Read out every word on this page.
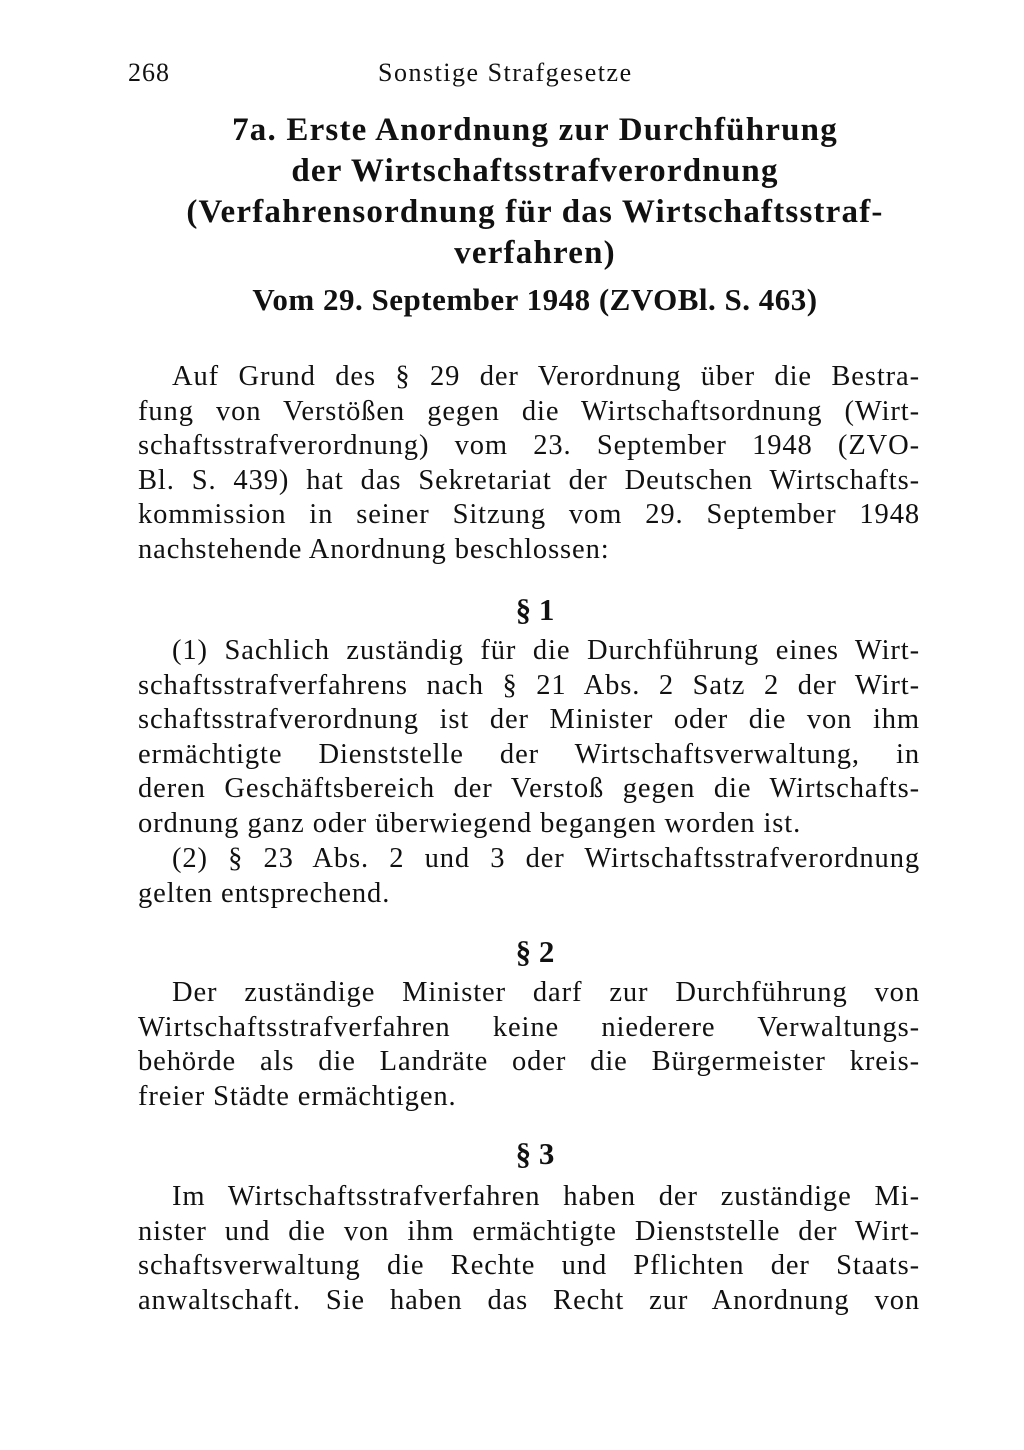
268	Sonstige Strafgesetze
7a. Erste Anordnung zur Durchführung
der Wirtschaftsstrafverordnung
(Verfahrensordnung für das Wirtschaftsstraf-
verfahren)
Vom 29. September 1948 (ZVOBl. S. 463)

Auf Grund des § 29 der Verordnung über die Bestra-
fung von Verstößen gegen die Wirtschaftsordnung (Wirt-
schaftsstrafverordnung) vom 23. September 1948 (ZVO-
Bl. S. 439) hat das Sekretariat der Deutschen Wirtschafts-
kommission in seiner Sitzung vom 29. September 1948
nachstehende Anordnung beschlossen:

§ 1

(1) Sachlich zuständig für die Durchführung eines Wirt-
schaftsstrafverfahrens nach § 21 Abs. 2 Satz 2 der Wirt-
schaftsstrafverordnung ist der Minister oder die von ihm
ermächtigte Dienststelle der Wirtschaftsverwaltung, in
deren Geschäftsbereich der Verstoß gegen die Wirtschafts-
ordnung ganz oder überwiegend begangen worden ist.

(2) § 23 Abs. 2 und 3 der Wirtschaftsstrafverordnung
gelten entsprechend.

§ 2

Der zuständige Minister darf zur Durchführung von
Wirtschaftsstrafverfahren keine niederere Verwaltungs-
behörde als die Landräte oder die Bürgermeister kreis-
freier Städte ermächtigen.

§ 3

Im Wirtschaftsstrafverfahren haben der zuständige Mi-
nister und die von ihm ermächtigte Dienststelle der Wirt-
schaftsverwaltung die Rechte und Pflichten der Staats-
anwaltschaft. Sie haben das Recht zur Anordnung von
